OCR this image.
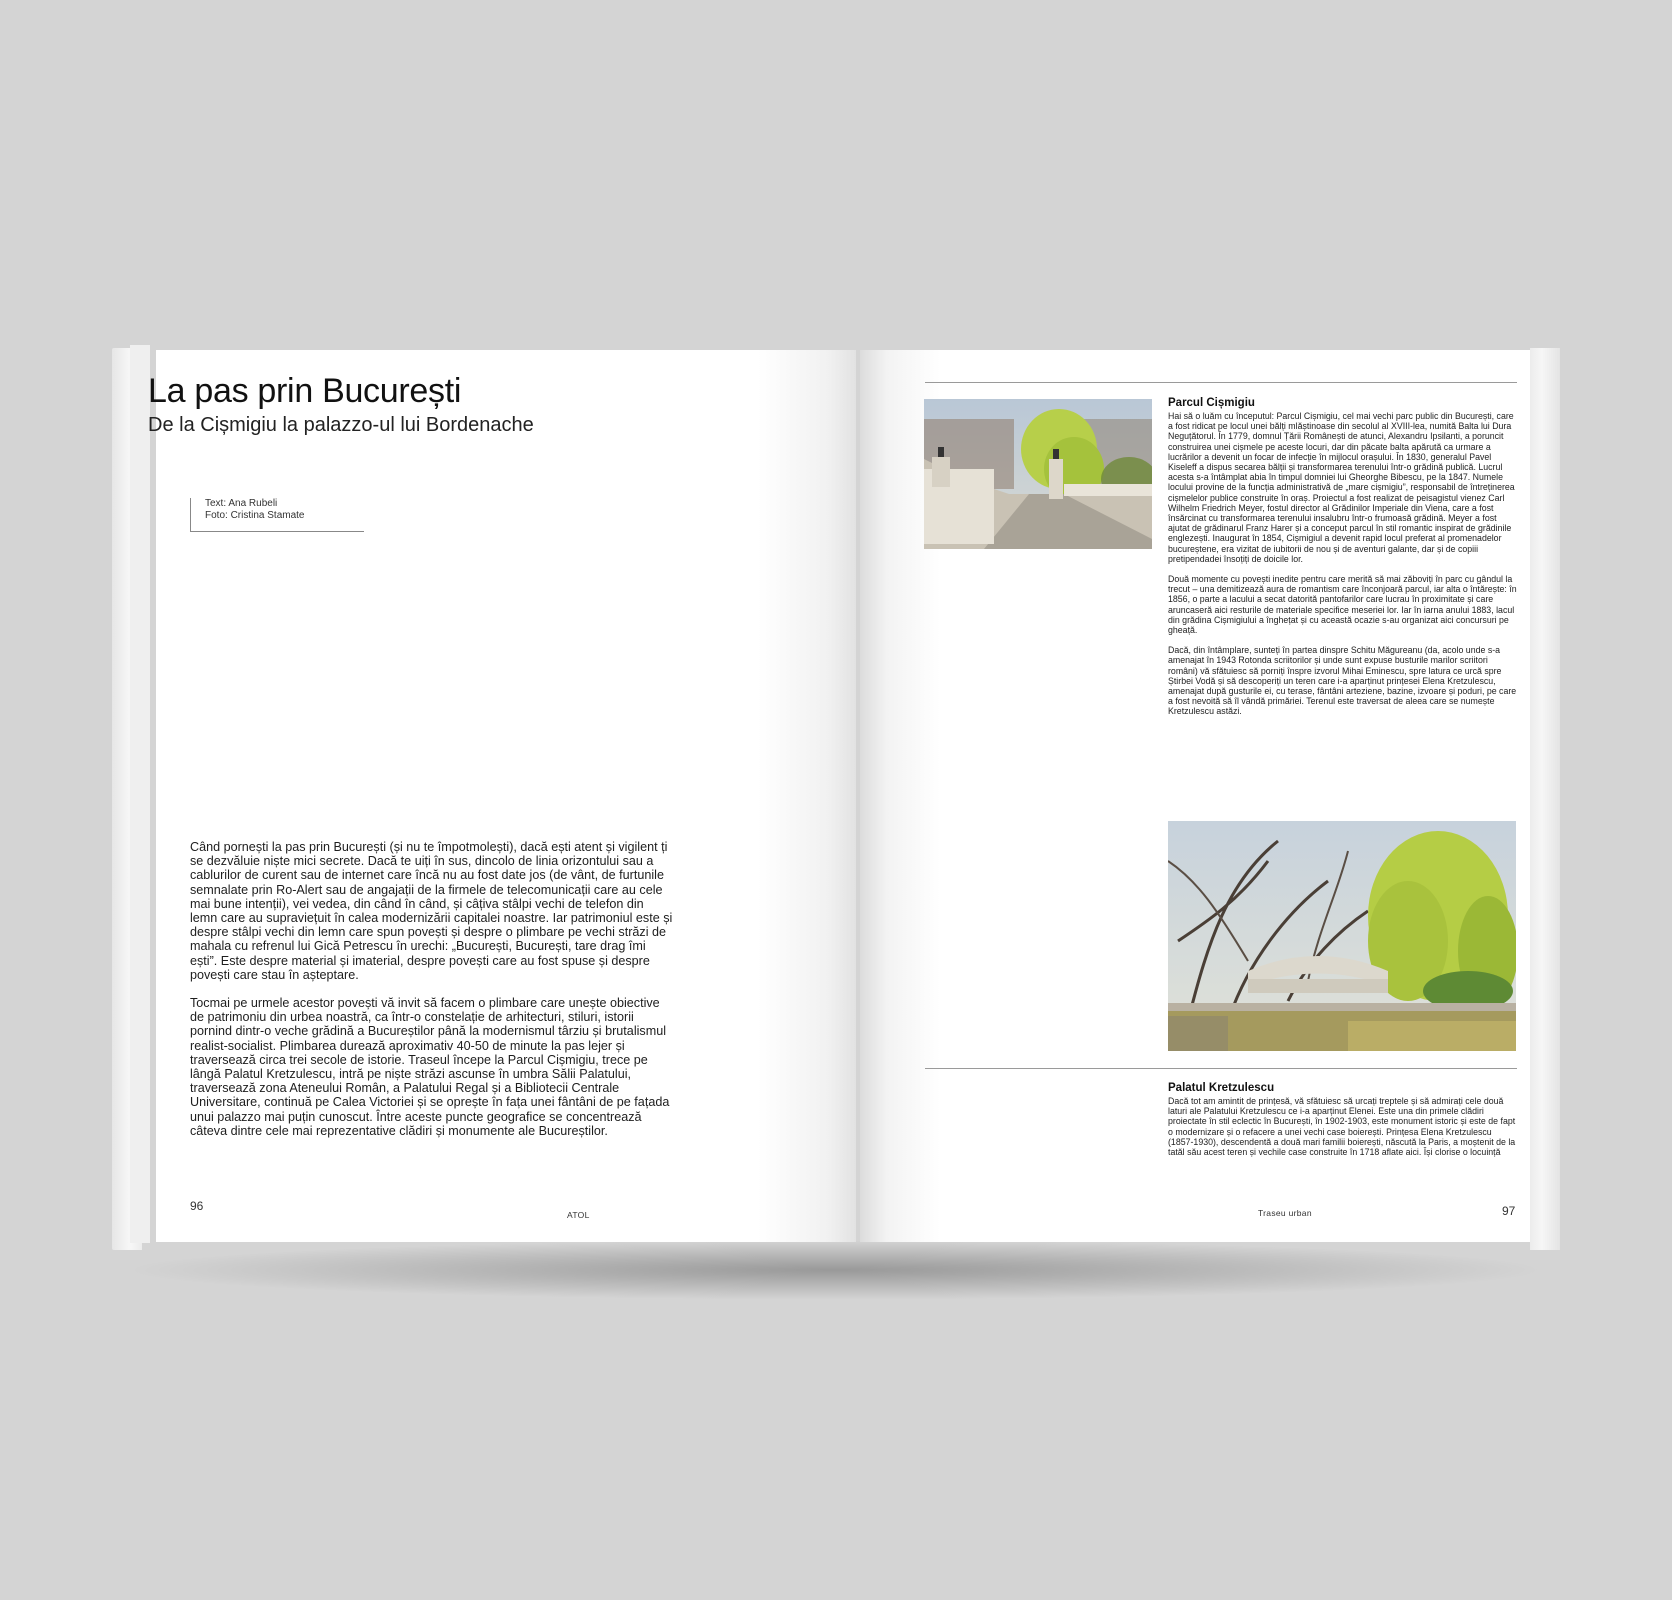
La pas prin București
De la Cișmigiu la palazzo-ul lui Bordenache
Text: Ana Rubeli
Foto: Cristina Stamate

Când pornești la pas prin București (și nu te împotmolești), dacă ești atent și vigilent ți se dezvăluie niște mici secrete. Dacă te uiți în sus, dincolo de linia orizontului sau a cablurilor de curent sau de internet care încă nu au fost date jos (de vânt, de furtunile semnalate prin Ro-Alert sau de angajații de la firmele de telecomunicații care au cele mai bune intenții), vei vedea, din când în când, și câțiva stâlpi vechi de telefon din lemn care au supraviețuit în calea modernizării capitalei noastre. Iar patrimoniul este și despre stâlpi vechi din lemn care spun povești și despre o plimbare pe vechi străzi de mahala cu refrenul lui Gică Petrescu în urechi: „București, București, tare drag îmi ești”. Este despre material și imaterial, despre povești care au fost spuse și despre povești care stau în așteptare.

Tocmai pe urmele acestor povești vă invit să facem o plimbare care unește obiective de patrimoniu din urbea noastră, ca într-o constelație de arhitecturi, stiluri, istorii pornind dintr-o veche grădină a Bucureștilor până la modernismul târziu și brutalismul realist-socialist. Plimbarea durează aproximativ 40-50 de minute la pas lejer și traversează circa trei secole de istorie. Traseul începe la Parcul Cișmigiu, trece pe lângă Palatul Kretzulescu, intră pe niște străzi ascunse în umbra Sălii Palatului, traversează zona Ateneului Român, a Palatului Regal și a Bibliotecii Centrale Universitare, continuă pe Calea Victoriei și se oprește în fața unei fântâni de pe fațada unui palazzo mai puțin cunoscut. Între aceste puncte geografice se concentrează câteva dintre cele mai reprezentative clădiri și monumente ale Bucureștilor.

96
ATOL
Parcul Cișmigiu

Hai să o luăm cu începutul: Parcul Cișmigiu, cel mai vechi parc public din București, care a fost ridicat pe locul unei bălți mlăștinoase din secolul al XVIII-lea, numită Balta lui Dura Neguțătorul. În 1779, domnul Țării Românești de atunci, Alexandru Ipsilanti, a poruncit construirea unei cișmele pe aceste locuri, dar din păcate balta apărută ca urmare a lucrărilor a devenit un focar de infecție în mijlocul orașului. În 1830, generalul Pavel Kiseleff a dispus secarea bălții și transformarea terenului într-o grădină publică. Lucrul acesta s-a întâmplat abia în timpul domniei lui Gheorghe Bibescu, pe la 1847. Numele locului provine de la funcția administrativă de „mare cișmigiu”, responsabil de întreținerea cișmelelor publice construite în oraș. Proiectul a fost realizat de peisagistul vienez Carl Wilhelm Friedrich Meyer, fostul director al Grădinilor Imperiale din Viena, care a fost însărcinat cu transformarea terenului insalubru într-o frumoasă grădină. Meyer a fost ajutat de grădinarul Franz Harer și a conceput parcul în stil romantic inspirat de grădinile englezești. Inaugurat în 1854, Cișmigiul a devenit rapid locul preferat al promenadelor bucureștene, era vizitat de iubitorii de nou și de aventuri galante, dar și de copiii pretipendadei însoțiți de doicile lor.

Două momente cu povești inedite pentru care merită să mai zăboviți în parc cu gândul la trecut – una demitizează aura de romantism care înconjoară parcul, iar alta o întărește: în 1856, o parte a lacului a secat datorită pantofarilor care lucrau în proximitate și care aruncaseră aici resturile de materiale specifice meseriei lor. Iar în iarna anului 1883, lacul din grădina Cișmigiului a înghețat și cu această ocazie s-au organizat aici concursuri pe gheață.

Dacă, din întâmplare, sunteți în partea dinspre Schitu Măgureanu (da, acolo unde s-a amenajat în 1943 Rotonda scriitorilor și unde sunt expuse busturile marilor scriitori români) vă sfătuiesc să porniți înspre izvorul Mihai Eminescu, spre latura ce urcă spre Știrbei Vodă și să descoperiți un teren care i-a aparținut prințesei Elena Kretzulescu, amenajat după gusturile ei, cu terase, fântâni arteziene, bazine, izvoare și poduri, pe care a fost nevoită să îl vândă primăriei. Terenul este traversat de aleea care se numește Kretzulescu astăzi.

Palatul Kretzulescu

Dacă tot am amintit de prințesă, vă sfătuiesc să urcați treptele și să admirați cele două laturi ale Palatului Kretzulescu ce i-a aparținut Elenei. Este una din primele clădiri proiectate în stil eclectic în București, în 1902-1903, este monument istoric și este de fapt o modernizare și o refacere a unei vechi case boierești. Prințesa Elena Kretzulescu (1857-1930), descendentă a două mari familii boierești, născută la Paris, a moștenit de la tatăl său acest teren și vechile case construite în 1718 aflate aici. Își clorise o locuință

Traseu urban	97
